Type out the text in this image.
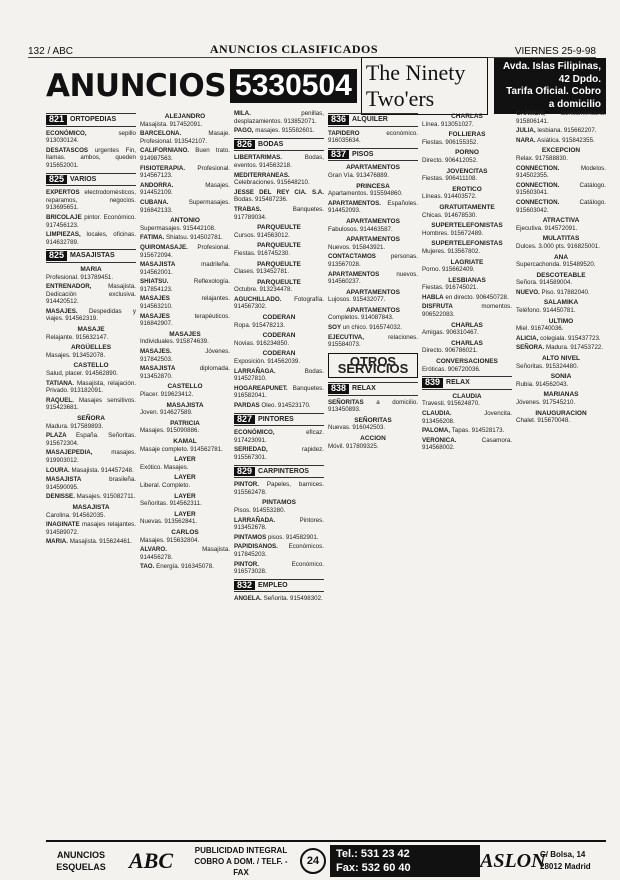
132 / ABC	ANUNCIOS CLASIFICADOS	VIERNES 25-9-98
ANUNCIOS 5330504 The Ninety Two'ers
Avda. Islas Filipinas, 42 Dpdo.
Tarifa Oficial. Cobro a domicilio
821 ORTOPEDIAS
ECONÓMICO,	sepillo 913030124.
DESATASCOS urgentes Fin, llamas. ambos, queden 915652001.
825 VARIOS
EXPERTOS electrodomésticos, reparamos, negocios. 913695651.
BRICOLAJE pintor. Económico. 917456123.
LIMPIEZAS, locales, oficinas. 914632789.
825 MASAJISTAS
MARIA
Profesional. 913789451.
ENTRENADOR,	Masajista. Dedicación exclusiva. 914420512.
MASAJES. Despedidas y viajes. 914562319.
MASAJE
Relajante. 915632147.
ARGÜELLES
Masajes. 913452078.
CASTELLO
Salud, placer. 914562890.
TATIANA. Masajista, relajación. Privado. 913182091.
RAQUEL. Masajes sensitivos. 915423681.
SEÑORA
Madura. 917589893.
PLAZA España. Señoritas. 915672304.
MASAJEPEDIA,	masajes. 919903012.
LOURA. Masajista. 914457248.
MASAJISTA	brasileña. 914590095.
DENISSE. Masajes. 915082711.
MASAJISTA
Carolina. 914562035.
INAGINATE masajes relajantes. 914589072.
MARIA. Masajista. 915624461.
ALEJANDRO
Masajista. 917452091.
BARCELONA.	Masaje. Profesional. 913542107.
CALIFORNIANO. Buen trato. 914987563.
FISIOTERAPIA. Profesional. 914567123.
ANDORRA.	Masajes. 914452109.
CUBANA.	Supermasajes. 916842133.
ANTONIO
Supermasajes. 915442108.
FATIMA. Shiatsu. 914502781.
QUIROMASAJE. Profesional. 915672094.
MASAJISTA	madrileña. 914562001.
SHIATSU.	Reflexología. 917854123.
MASAJES	relajantes. 914563210.
MASAJES	terapéuticos. 916842907.
MASAJES
Individuales. 915874639.
MASAJES.	Jóvenes. 917842503.
MASAJISTA	diplomada. 913452870.
CASTELLO
Placer. 919623412.
MASAJISTA
Joven. 914627589.
PATRICIA
Masajes. 915090886.
KAMAL
Masaje completo. 914562781.
LAYER
Exótico. Masajes.
LAYER
Liberal. Completo.
LAYER
Señoritas. 914562311.
LAYER
Nuevas. 913562841.
CARLOS
Masajes. 915632804.
ALVARO.	Masajista. 914456278.
TAO. Energía. 916345078.
MILA.	penillas, desplazamientos. 913852071.
PAGO, masajes. 915582601.
826 BODAS
LIBERTARIMAS.	Bodas, eventos. 914563218.
MEDITERRANEAS. Celebraciones. 915648210.
JESSE DEL REY CIA. S.A. Bodas. 915487236.
TRABAS.	Banquetes. 917789034.
PARQUEULTE
Cursos. 914563012.
PARQUEULTE
Fiestas. 916745230.
PARQUEULTE
Clases. 913452781.
PARQUEULTE
Octubre. 913234478.
AGUCHILLADO. Fotografía. 914567302.
CODERAN
Ropa. 915478213.
CODERAN
Novias. 916234850.
CODERAN
Exposición. 914562039.
LARRAÑAGA.	Bodas. 914527810.
HOGAREAPUNET. Banquetes. 916582041.
PARDAS Oleo. 914523170.
827 PINTORES
ECONÓMICO,	eficaz. 917423091.
SERIEDAD,	rapidez. 915567301.
829 CARPINTEROS
PINTOR. Papeles, barnices. 915562478.
PINTAMOS
Pisos. 914553280.
LARRAÑADA.	Pintores. 913452678.
PINTAMOS pisos. 914582901.
PAPIDISANOS. Económicos. 917845203.
PINTOR.	Económico. 916573028.
832 EMPLEO
ANGELA. Señorita. 915498302.
836 ALQUILER
TAPIDERO	económico. 916035634.
837 PISOS
APARTAMENTOS
Gran Vía. 913476889.
PRINCESA
Apartamentos. 915594860.
APARTAMENTOS. Españoles. 914452093.
APARTAMENTOS
Fabulosos. 914463587.
APARTAMENTOS
Nuevos. 915843921.
CONTACTAMOS personas. 913567028.
APARTAMENTOS	nuevos. 914560237.
APARTAMENTOS
Lujosos. 915432077.
APARTAMENTOS
Completos. 914087843.
SOY un chico. 916574032.
EJECUTIVA,	relaciones. 915584073.
OTROS SERVICIOS
838 RELAX
SEÑORITAS a domicilio. 913450893.
SEÑORITAS
Nuevas. 916042503.
ACCION
Móvil. 917809325.
CHARLAS
Línea. 913051027.
FOLLIERAS
Fiestas. 906155352.
PORNO
Directo. 906412052.
JOVENCITAS
Fiestas. 906411108.
EROTICO
Líneas. 914403572.
GRATUITAMENTE
Chicas. 914678530.
SUPERTELEFONISTAS
Hombres. 915672489.
SUPERTELEFONISTAS
Mujeres. 913567802.
LAGRIATE
Porno. 915662409.
LESBIANAS
Fiestas. 916745021.
HABLA en directo. 906450728.
DISFRUTA	momentos. 906522083.
CHARLAS
Amigas. 906310467.
CHARLAS
Directo. 906786021.
CONVERSACIONES
Eróticas. 906720036.
839 RELAX
CLAUDIA
Travesti. 915624870.
CLAUDIA.	Jovencita. 913456208.
PALOMA, Tapas. 914528173.
VERONICA.	Casamora. 914568002.
CARMEN,	latinoamericana. 915806141.
JULIA, lesbiana. 915662207.
NARA. Asiática. 915842355.
EXCEPCION
Relax. 917588830.
CONNECTION.	Modelos. 914502355.
CONNECTION.	Catálogo. 915603041.
CONNECTION.	Catálogo. 915603042.
ATRACTIVA
Ejecutiva. 914572091.
MULATITAS
Dulces. 3.000 pts. 916825001.
ANA
Supercachonda. 915489520.
DESCOTEABLE
Señora. 914589004.
NUEVO. Piso. 917882040.
SALAMIKA
Teléfono. 914450781.
ULTIMO
Miel. 916740036.
ALICIA, colegiala. 915437723.
SEÑORA. Madura. 917453722.
ALTO NIVEL
Señoritas. 915324480.
SONIA
Rubia. 914562043.
MARIANAS
Jóvenes. 917545210.
INAUGURACION
Chalet. 915670048.
ANUNCIOS
ESQUELAS	ABC	PUBLICIDAD INTEGRAL
COBRO A DOM. / TELF. - FAX
24
Tel.: 531 23 42
Fax: 532 60 40	ASLON
C/ Bolsa, 14
28012 Madrid
